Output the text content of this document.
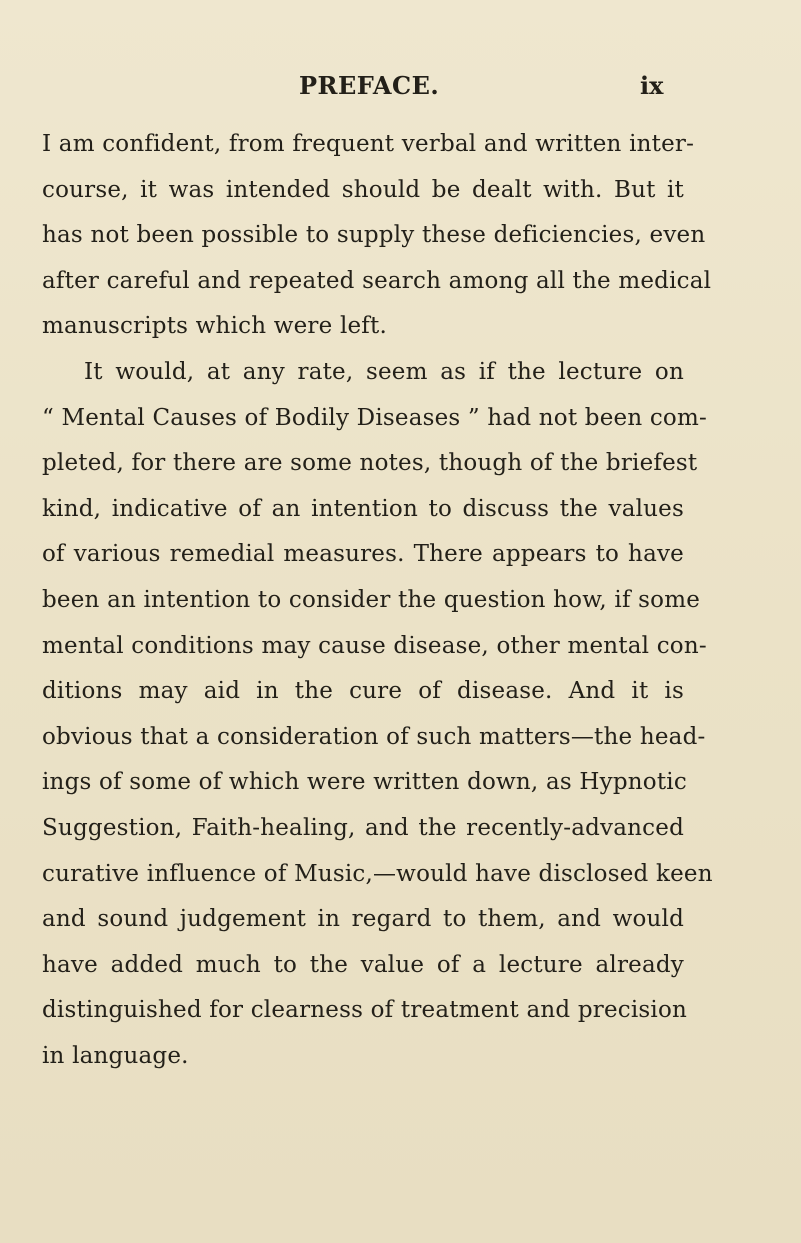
PREFACE.	ix
I am confident, from frequent verbal and written inter-
course, it was intended should be dealt with. But it
has not been possible to supply these deficiencies, even
after careful and repeated search among all the medical
manuscripts which were left.
It would, at any rate, seem as if the lecture on
“ Mental Causes of Bodily Diseases ” had not been com-
pleted, for there are some notes, though of the briefest
kind, indicative of an intention to discuss the values
of various remedial measures. There appears to have
been an intention to consider the question how, if some
mental conditions may cause disease, other mental con-
ditions may aid in the cure of disease. And it is
obvious that a consideration of such matters—the head-
ings of some of which were written down, as Hypnotic
Suggestion, Faith-healing, and the recently-advanced
curative influence of Music,—would have disclosed keen
and sound judgement in regard to them, and would
have added much to the value of a lecture already
distinguished for clearness of treatment and precision
in language.
